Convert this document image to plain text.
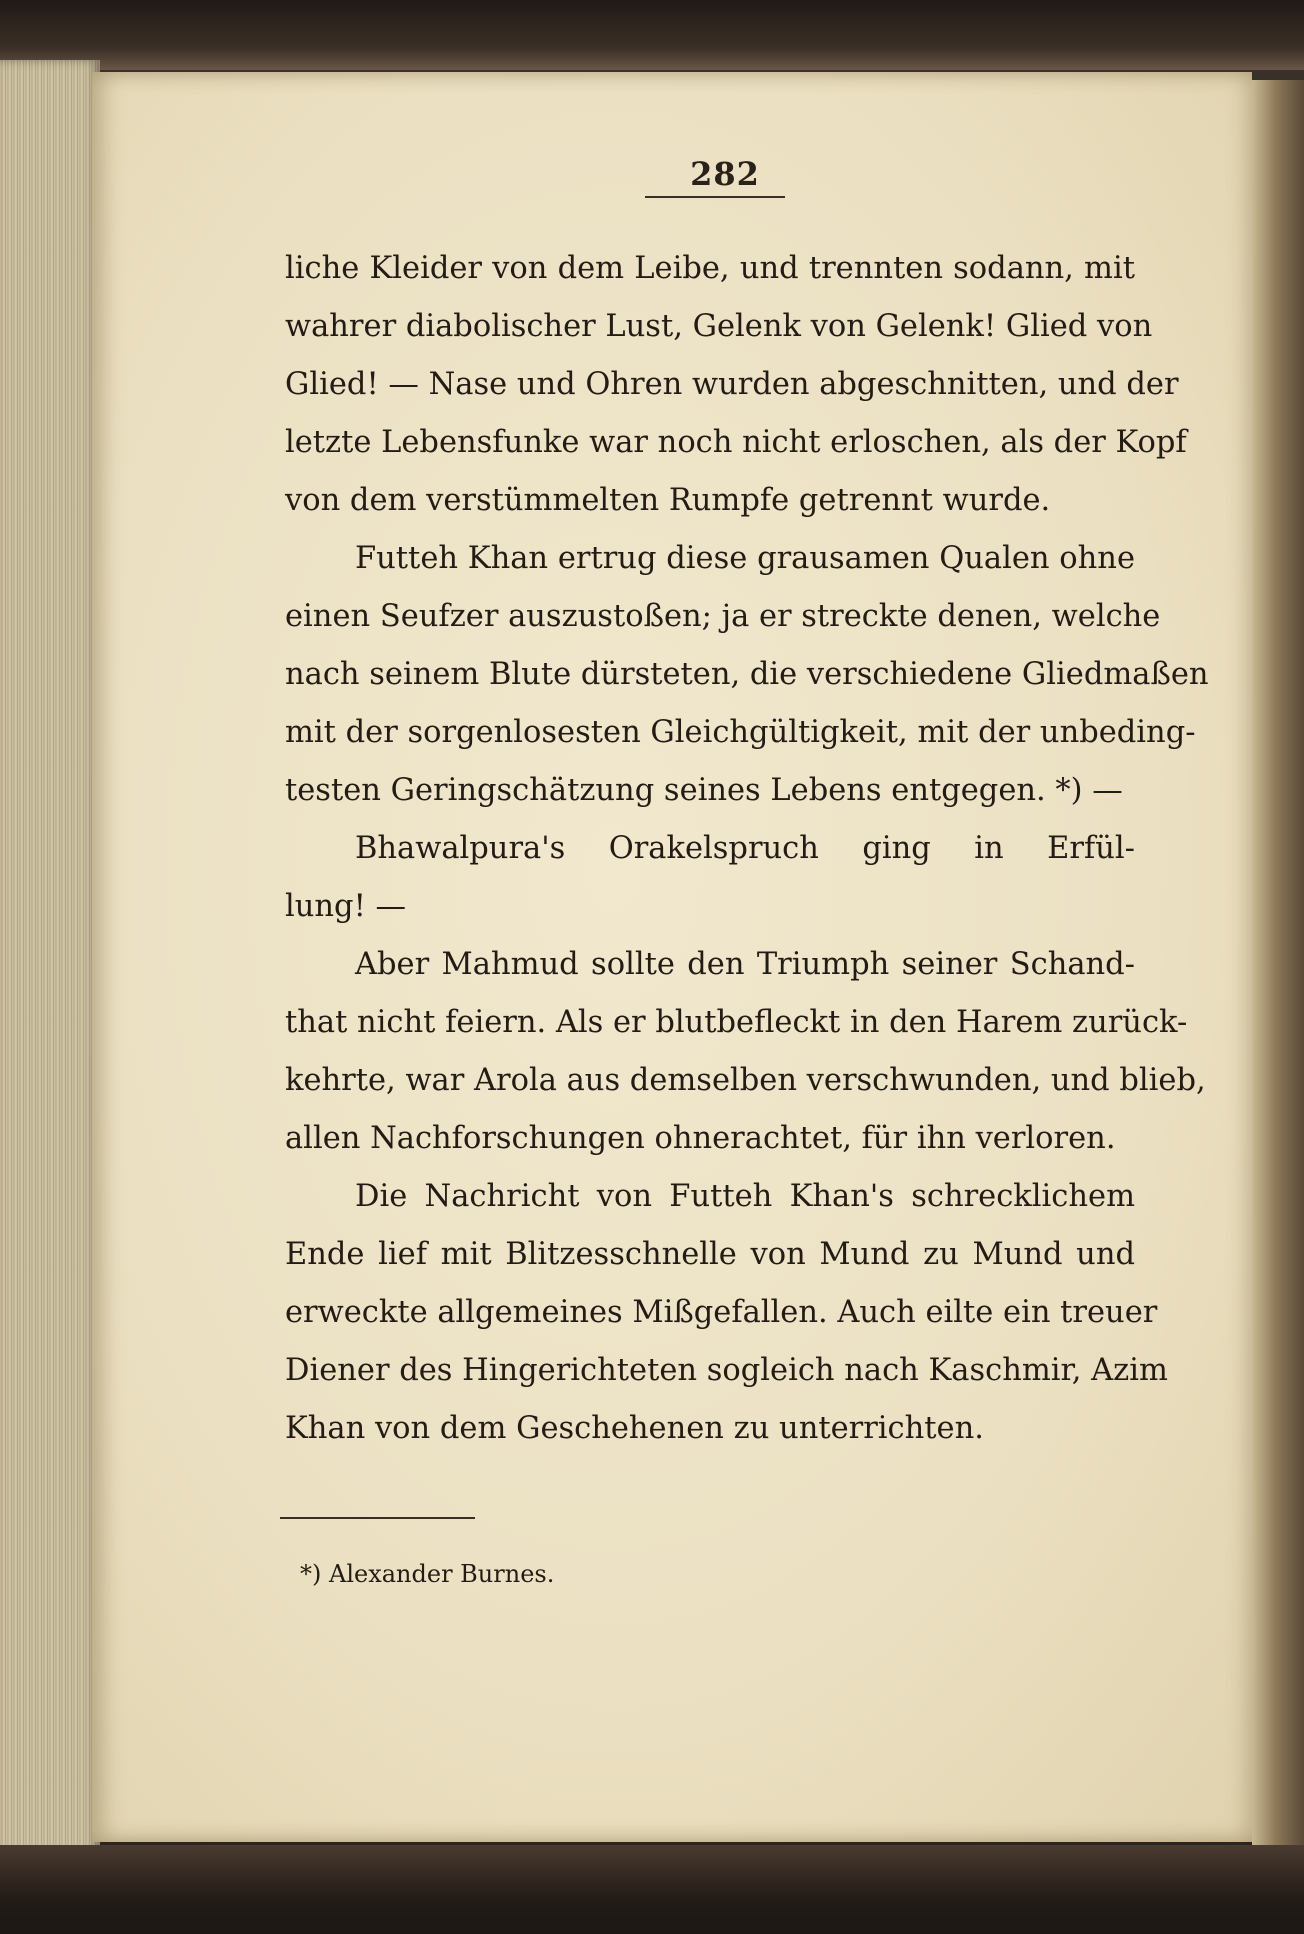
282
liche Kleider von dem Leibe, und trennten sodann, mit
wahrer diabolischer Lust, Gelenk von Gelenk! Glied von
Glied! — Nase und Ohren wurden abgeschnitten, und der
letzte Lebensfunke war noch nicht erloschen, als der Kopf
von dem verstümmelten Rumpfe getrennt wurde.
Futteh Khan ertrug diese grausamen Qualen ohne
einen Seufzer auszustoßen; ja er streckte denen, welche
nach seinem Blute dürsteten, die verschiedene Gliedmaßen
mit der sorgenlosesten Gleichgültigkeit, mit der unbeding-
testen Geringschätzung seines Lebens entgegen. *) —
Bhawalpura's Orakelspruch ging in Erfül-
lung! —
Aber Mahmud sollte den Triumph seiner Schand-
that nicht feiern. Als er blutbefleckt in den Harem zurück-
kehrte, war Arola aus demselben verschwunden, und blieb,
allen Nachforschungen ohnerachtet, für ihn verloren.
Die Nachricht von Futteh Khan's schrecklichem
Ende lief mit Blitzesschnelle von Mund zu Mund und
erweckte allgemeines Mißgefallen. Auch eilte ein treuer
Diener des Hingerichteten sogleich nach Kaschmir, Azim
Khan von dem Geschehenen zu unterrichten.
*) Alexander Burnes.
